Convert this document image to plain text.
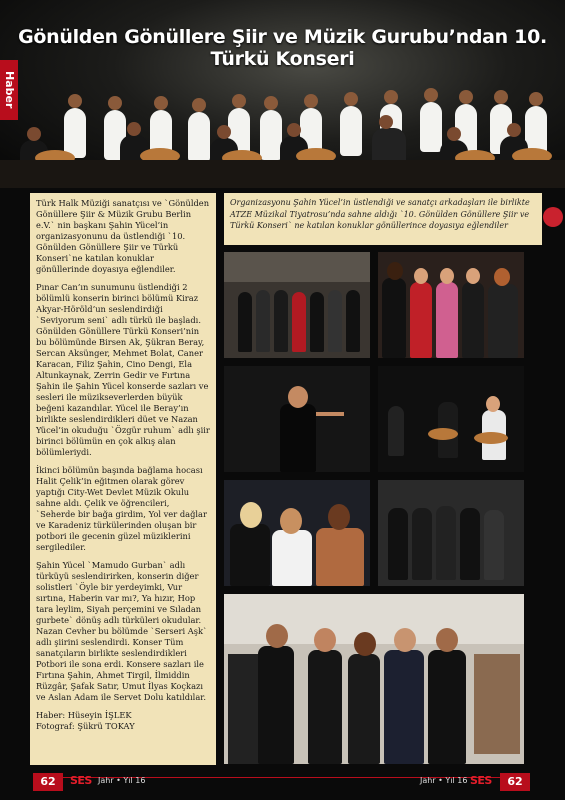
Gönülden Gönüllere Şiir ve Müzik Gurubu’ndan 10. Türkü Konseri
Haber

Türk Halk Müziği sanatçısı ve `Gönülden Gönüllere Şiir & Müzik Grubu Berlin e.V.` nin başkanı Şahin Yücel’in organizasyonunu da üstlendiği `10. Gönülden Gönüllere Şiir ve Türkü Konseri`ne katılan konuklar gönüllerinde doyasıya eğlendiler.

Pınar Can’ın sunumunu üstlendiği 2 bölümlü konserin birinci bölümü Kiraz Akyar-Höröld’un seslendirdiği `Seviyorum seni` adlı türkü ile başladı. Gönülden Gönüllere Türkü Konseri’nin bu bölümünde Birsen Ak, Şükran Beray, Sercan Aksünger, Mehmet Bolat, Caner Karacan, Filiz Şahin, Cino Dengi, Ela Altunkaynak, Zerrin Gedir ve Fırtına Şahin ile Şahin Yücel konserde sazları ve sesleri ile müzikseverlerden büyük beğeni kazandılar. Yücel ile Beray’ın birlikte seslendirdikleri düet ve Nazan Yücel’in okuduğu `Özgür ruhum` adlı şiir birinci bölümün en çok alkış alan bölümleriydi.

İkinci bölümün başında bağlama hocası Halit Çelik’in eğitmen olarak görev yaptığı City-Wet Devlet Müzik Okulu sahne aldı. Çelik ve öğrencileri, `Seherde bir bağa girdim, Yol ver dağlar ve Karadeniz türkülerinden oluşan bir potbori ile gecenin güzel müziklerini sergilediler.

Şahin Yücel `Mamudo Gurban` adlı türküyü seslendirirken, konserin diğer solistleri `Öyle bir yerdeyimki, Vur sırtına, Haberin var mı?, Ya hızır, Hop tara leylim, Siyah perçemini ve Sıladan gurbete` dönüş adlı türküleri okudular. Nazan Cevher bu bölümde `Serseri Aşk` adlı şiirini seslendirdi. Konser Tüm sanatçıların birlikte seslendirdikleri Potbori ile sona erdi. Konsere sazları ile Fırtına Şahin, Ahmet Tirgil, İlmiddin Rüzgâr, Şafak Satır, Umut İlyas Koçkazı ve Aslan Adam ile Servet Dolu katıldılar.

Haber: Hüseyin İŞLEK

Fotograf: Şükrü TOKAY

Organizasyonu Şahin Yücel’in üstlendiği ve sanatçı arkadaşları ile birlikte ATZE Müzikal Tiyatrosu’nda sahne aldığı `10. Gönülden Gönüllere Şiir ve Türkü Konseri` ne katılan konuklar gönüllerince doyasıya eğlendiler
62	SES Jahr • Yıl 16	Jahr • Yıl 16 SES	62
